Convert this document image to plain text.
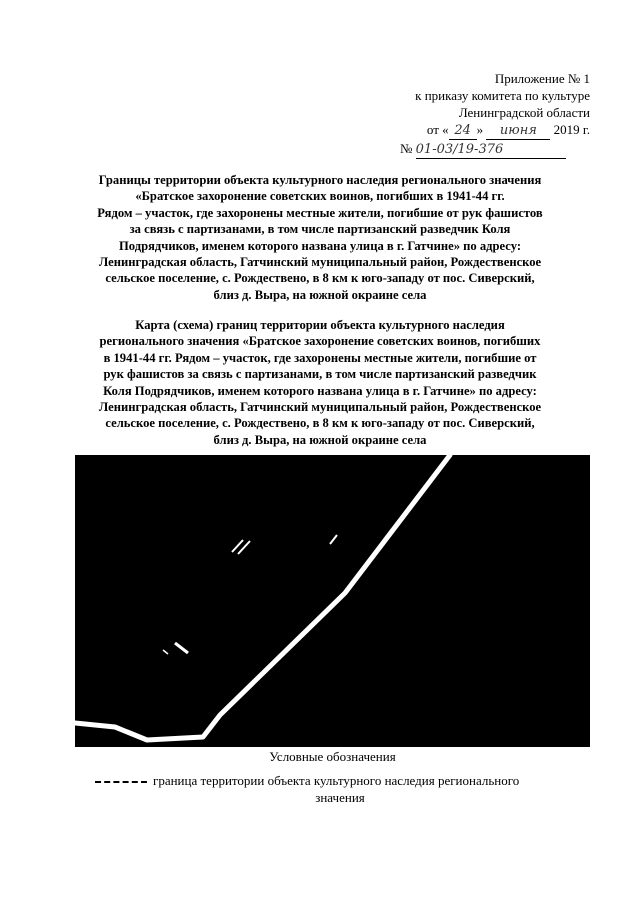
Приложение № 1
к приказу комитета по культуре
Ленинградской области
от « 24 » июня 2019 г.
№ 01-03/19-376
Границы территории объекта культурного наследия регионального значения
«Братское захоронение советских воинов, погибших в 1941-44 гг.
Рядом – участок, где захоронены местные жители, погибшие от рук фашистов
за связь с партизанами, в том числе партизанский разведчик Коля
Подрядчиков, именем которого названа улица в г. Гатчине» по адресу:
Ленинградская область, Гатчинский муниципальный район, Рождественское
сельское поселение, с. Рождествено, в 8 км к юго-западу от пос. Сиверский,
близ д. Выра, на южной окраине села
Карта (схема) границ территории объекта культурного наследия
регионального значения «Братское захоронение советских воинов, погибших
в 1941-44 гг. Рядом – участок, где захоронены местные жители, погибшие от
рук фашистов за связь с партизанами, в том числе партизанский разведчик
Коля Подрядчиков, именем которого названа улица в г. Гатчине» по адресу:
Ленинградская область, Гатчинский муниципальный район, Рождественское
сельское поселение, с. Рождествено, в 8 км к юго-западу от пос. Сиверский,
близ д. Выра, на южной окраине села
Условные обозначения
граница территории объекта культурного наследия регионального
значения
